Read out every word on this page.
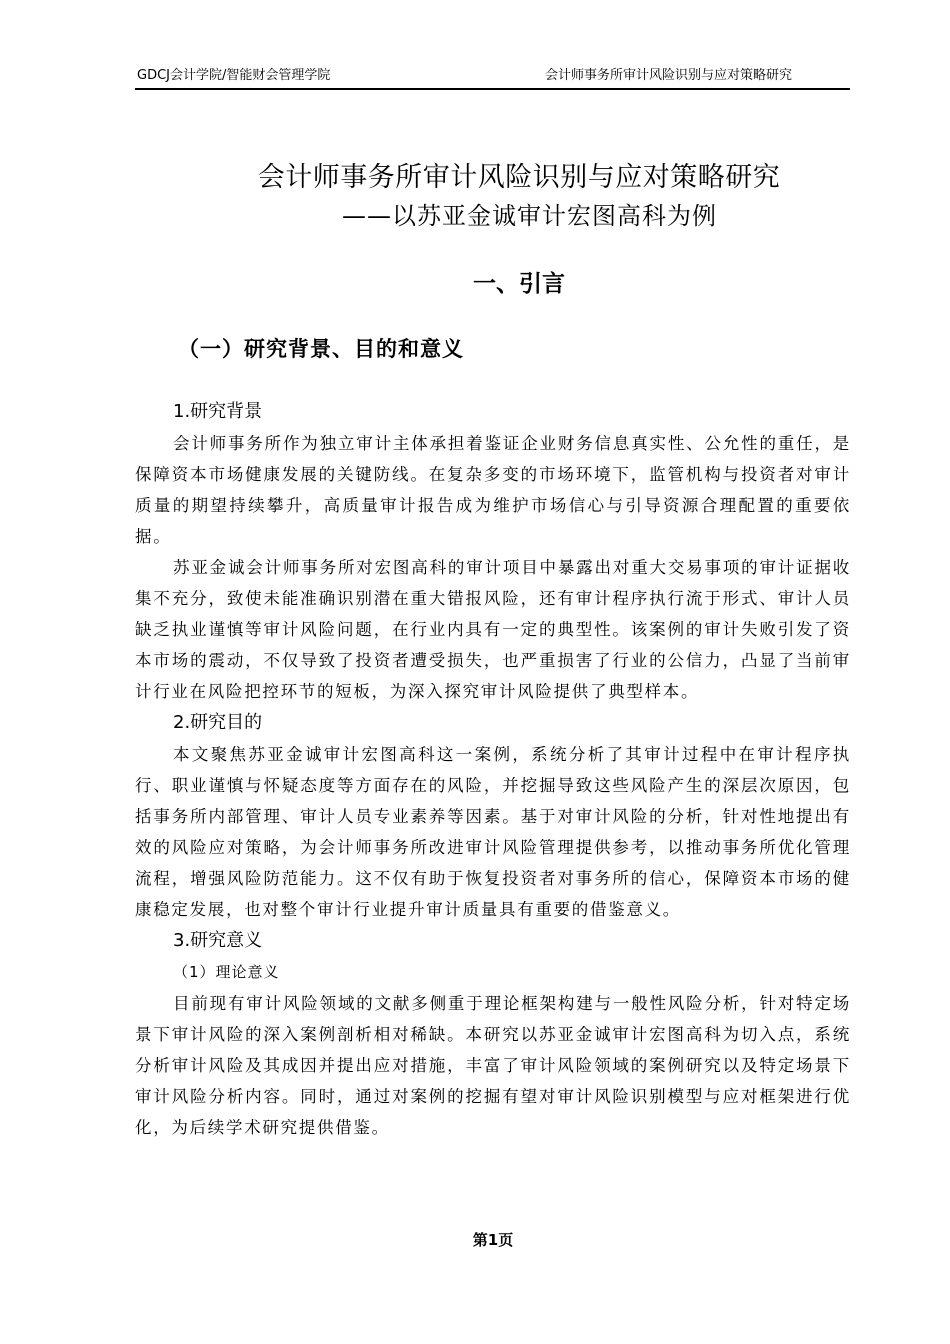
GDCJ会计学院/智能财会管理学院	会计师事务所审计风险识别与应对策略研究
会计师事务所审计风险识别与应对策略研究
——以苏亚金诚审计宏图高科为例
一、引言
（一）研究背景、目的和意义
1.研究背景

会计师事务所作为独立审计主体承担着鉴证企业财务信息真实性、公允性的重任，是保障资本市场健康发展的关键防线。在复杂多变的市场环境下，监管机构与投资者对审计质量的期望持续攀升，高质量审计报告成为维护市场信心与引导资源合理配置的重要依据。

苏亚金诚会计师事务所对宏图高科的审计项目中暴露出对重大交易事项的审计证据收集不充分，致使未能准确识别潜在重大错报风险，还有审计程序执行流于形式、审计人员缺乏执业谨慎等审计风险问题，在行业内具有一定的典型性。该案例的审计失败引发了资本市场的震动，不仅导致了投资者遭受损失，也严重损害了行业的公信力，凸显了当前审计行业在风险把控环节的短板，为深入探究审计风险提供了典型样本。

2.研究目的

本文聚焦苏亚金诚审计宏图高科这一案例，系统分析了其审计过程中在审计程序执行、职业谨慎与怀疑态度等方面存在的风险，并挖掘导致这些风险产生的深层次原因，包括事务所内部管理、审计人员专业素养等因素。基于对审计风险的分析，针对性地提出有效的风险应对策略，为会计师事务所改进审计风险管理提供参考，以推动事务所优化管理流程，增强风险防范能力。这不仅有助于恢复投资者对事务所的信心，保障资本市场的健康稳定发展，也对整个审计行业提升审计质量具有重要的借鉴意义。

3.研究意义
（1）理论意义

目前现有审计风险领域的文献多侧重于理论框架构建与一般性风险分析，针对特定场景下审计风险的深入案例剖析相对稀缺。本研究以苏亚金诚审计宏图高科为切入点，系统分析审计风险及其成因并提出应对措施，丰富了审计风险领域的案例研究以及特定场景下审计风险分析内容。同时，通过对案例的挖掘有望对审计风险识别模型与应对框架进行优化，为后续学术研究提供借鉴。

第1页
